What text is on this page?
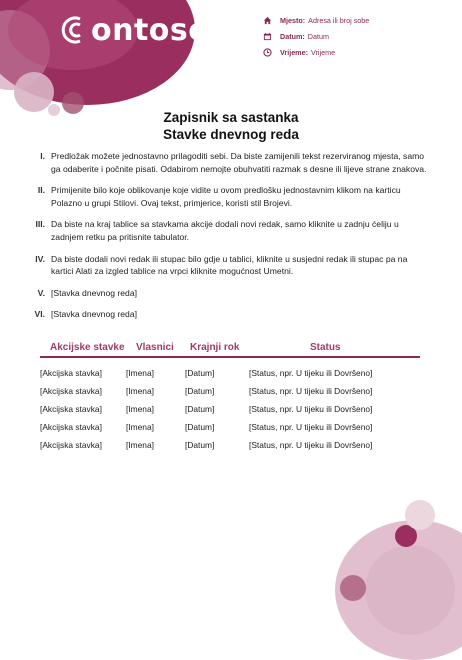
ontoso	Mjesto: Adresa ili broj sobe
Datum: Datum
Vrijeme: Vrijeme
Zapisnik sa sastanka
Stavke dnevnog reda
I. Predložak možete jednostavno prilagoditi sebi. Da biste zamijenili tekst rezerviranog mjesta, samo ga odaberite i počnite pisati. Odabirom nemojte obuhvatiti razmak s desne ili lijeve strane znakova.
II. Primijenite bilo koje oblikovanje koje vidite u ovom predlošku jednostavnim klikom na karticu Polazno u grupi Stilovi. Ovaj tekst, primjerice, koristi stil Brojevi.
III. Da biste na kraj tablice sa stavkama akcije dodali novi redak, samo kliknite u zadnju ćeliju u zadnjem retku pa pritisnite tabulator.
IV. Da biste dodali novi redak ili stupac bilo gdje u tablici, kliknite u susjedni redak ili stupac pa na kartici Alati za izgled tablice na vrpci kliknite mogućnost Umetni.
V. [Stavka dnevnog reda]
VI. [Stavka dnevnog reda]
Akcijske stavke	Vlasnici	Krajnji rok	Status
[Akcijska stavka]	[Imena]	[Datum]	[Status, npr. U tijeku ili Dovršeno]
[Akcijska stavka]	[Imena]	[Datum]	[Status, npr. U tijeku ili Dovršeno]
[Akcijska stavka]	[Imena]	[Datum]	[Status, npr. U tijeku ili Dovršeno]
[Akcijska stavka]	[Imena]	[Datum]	[Status, npr. U tijeku ili Dovršeno]
[Akcijska stavka]	[Imena]	[Datum]	[Status, npr. U tijeku ili Dovršeno]
